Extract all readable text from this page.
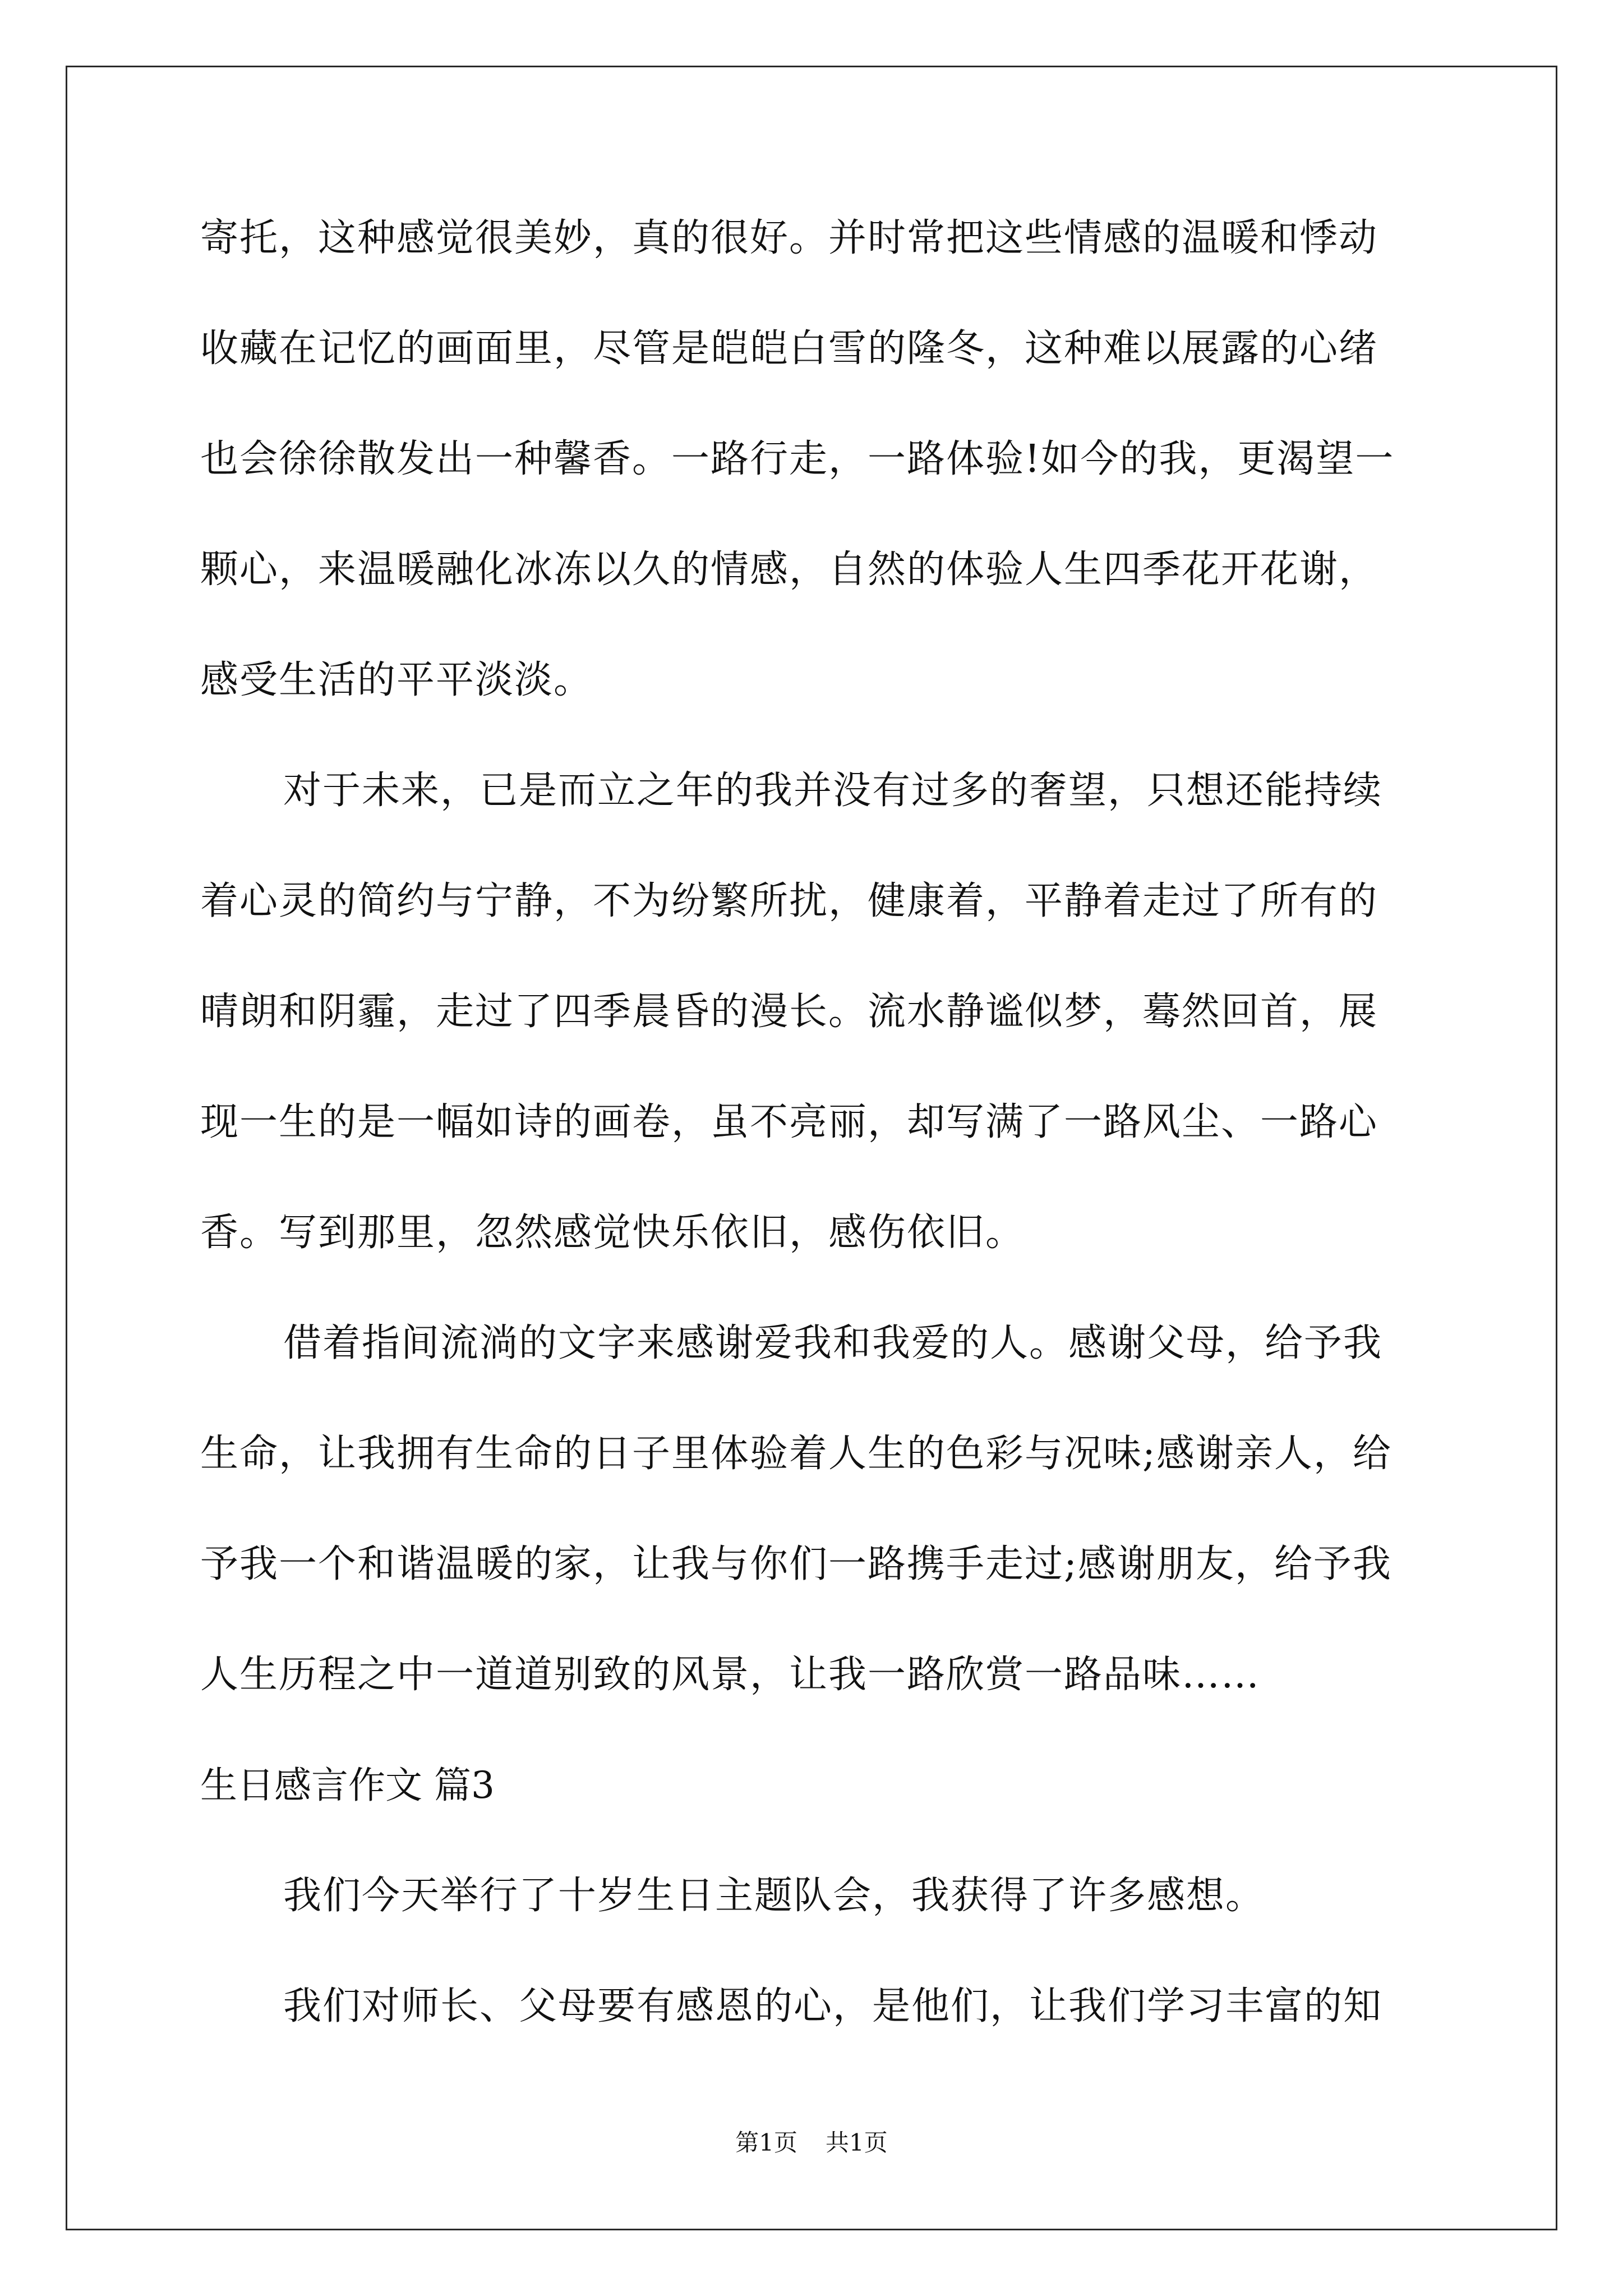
寄托，这种感觉很美妙，真的很好。并时常把这些情感的温暖和悸动
收藏在记忆的画面里，尽管是皑皑白雪的隆冬，这种难以展露的心绪
也会徐徐散发出一种馨香。一路行走，一路体验!如今的我，更渴望一
颗心，来温暖融化冰冻以久的情感，自然的体验人生四季花开花谢，
感受生活的平平淡淡。
对于未来，已是而立之年的我并没有过多的奢望，只想还能持续
着心灵的简约与宁静，不为纷繁所扰，健康着，平静着走过了所有的
晴朗和阴霾，走过了四季晨昏的漫长。流水静谧似梦，蓦然回首，展
现一生的是一幅如诗的画卷，虽不亮丽，却写满了一路风尘、一路心
香。写到那里，忽然感觉快乐依旧，感伤依旧。
借着指间流淌的文字来感谢爱我和我爱的人。感谢父母，给予我
生命，让我拥有生命的日子里体验着人生的色彩与况味;感谢亲人，给
予我一个和谐温暖的家，让我与你们一路携手走过;感谢朋友，给予我
人生历程之中一道道别致的风景，让我一路欣赏一路品味……
生日感言作文 篇3
我们今天举行了十岁生日主题队会，我获得了许多感想。
我们对师长、父母要有感恩的心，是他们，让我们学习丰富的知
第1页 共1页
